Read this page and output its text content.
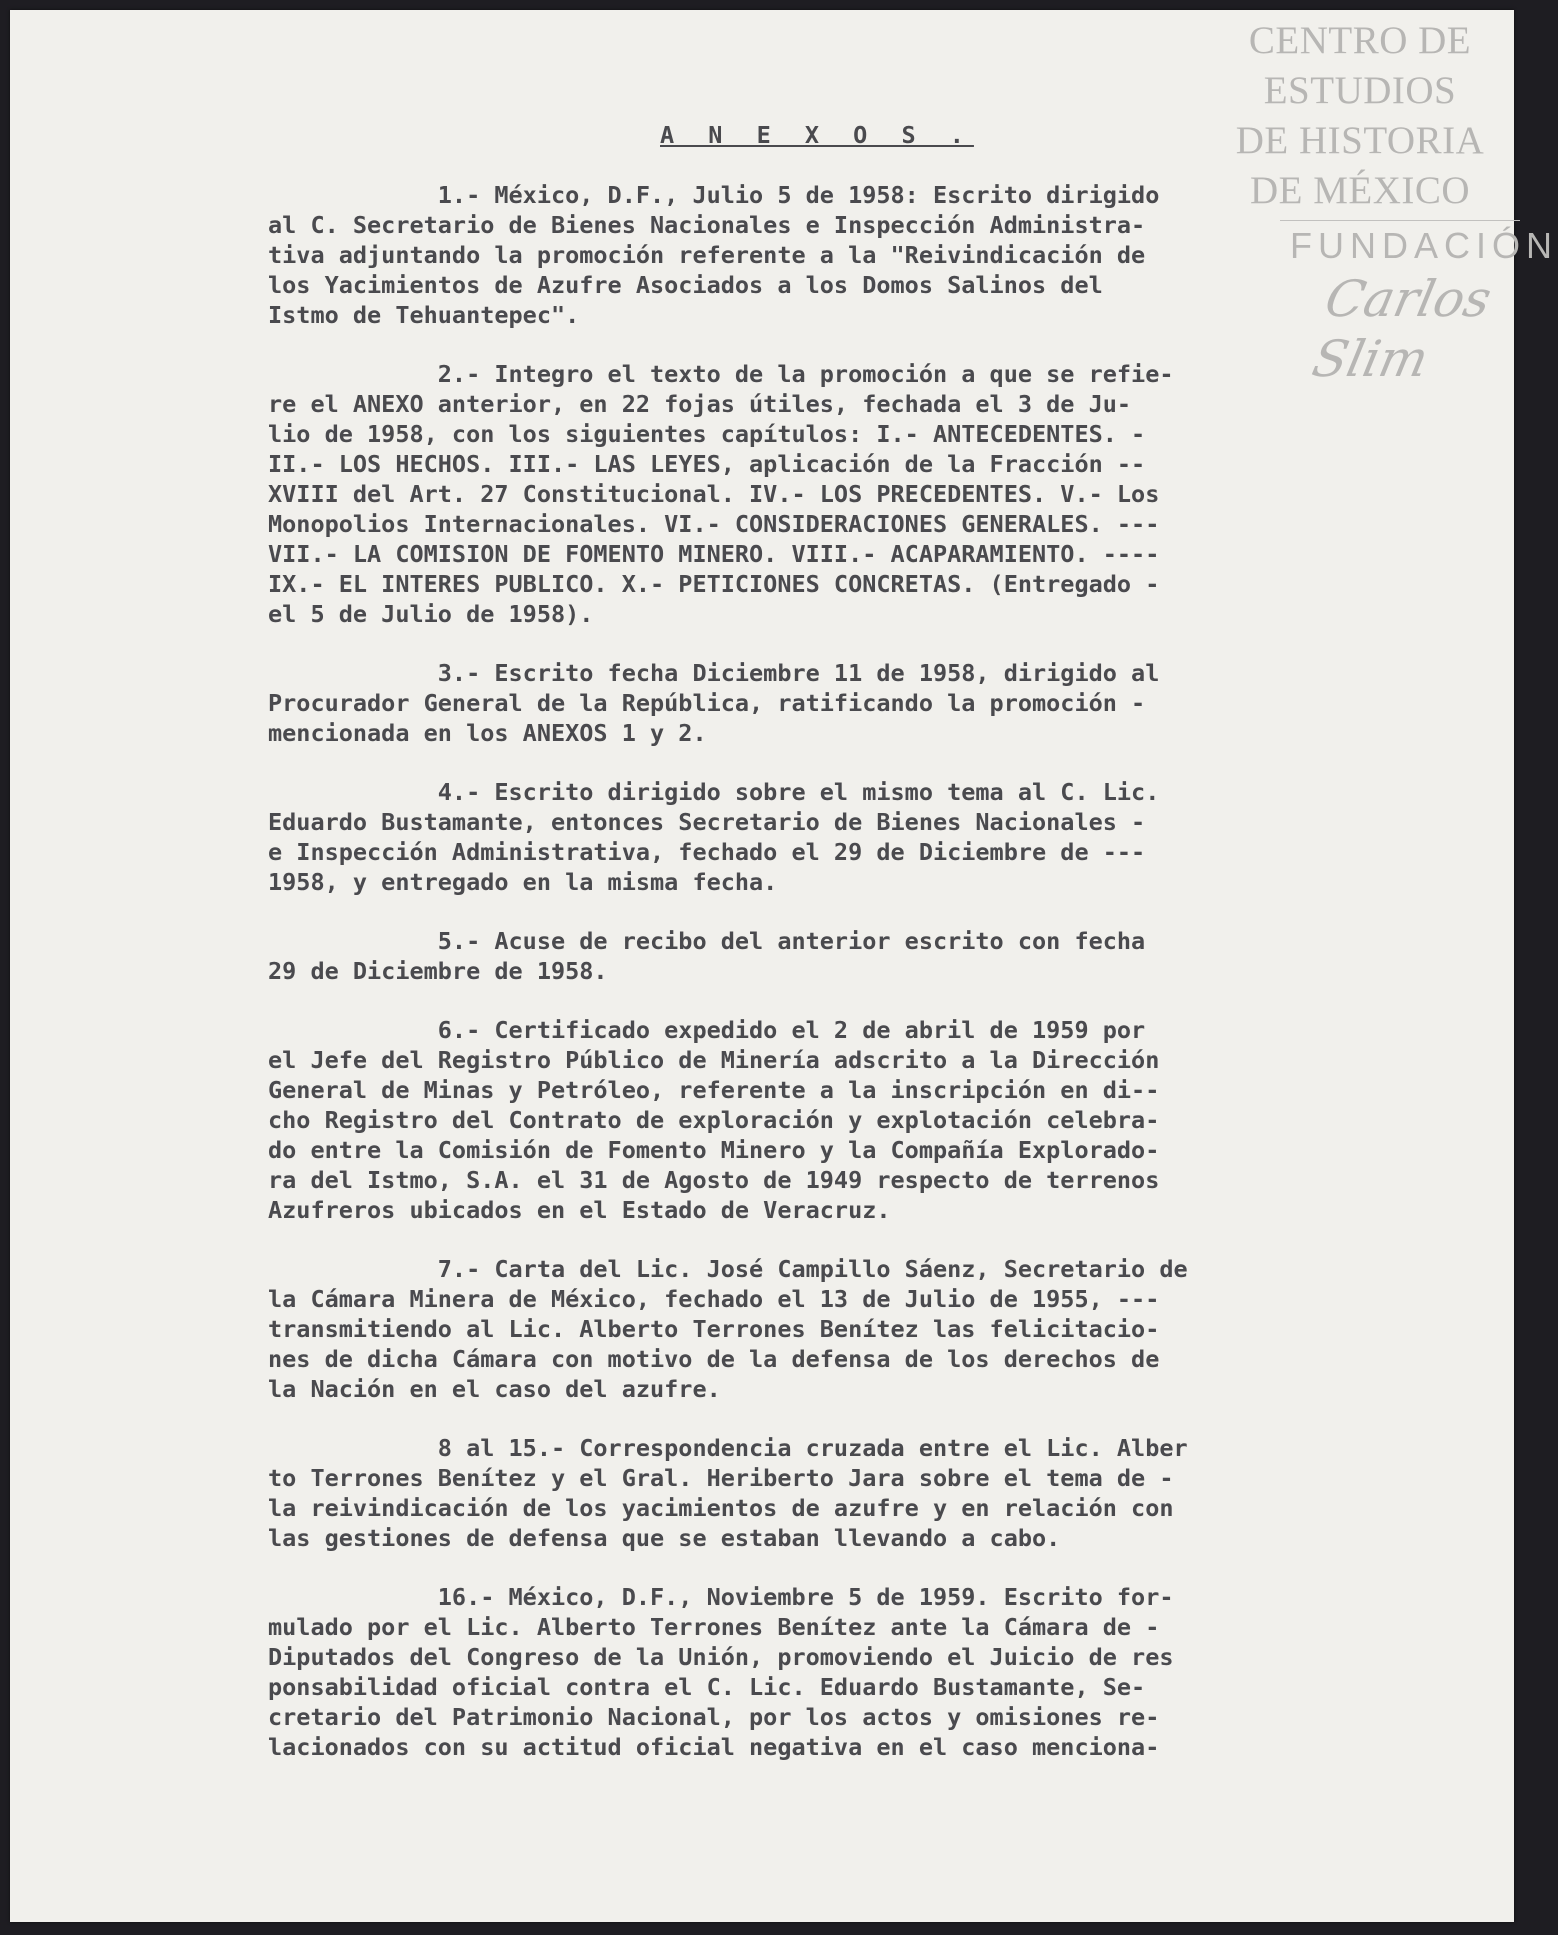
CENTRO DE
ESTUDIOS
DE HISTORIA
DE MÉXICO
FUNDACIÓN
Carlos Slim
A N E X O S .
1.- México, D.F., Julio 5 de 1958: Escrito dirigido
al C. Secretario de Bienes Nacionales e Inspección Administra-
tiva adjuntando la promoción referente a la "Reivindicación de
los Yacimientos de Azufre Asociados a los Domos Salinos del
Istmo de Tehuantepec".
2.- Integro el texto de la promoción a que se refie-
re el ANEXO anterior, en 22 fojas útiles, fechada el 3 de Ju-
lio de 1958, con los siguientes capítulos: I.- ANTECEDENTES. -
II.- LOS HECHOS. III.- LAS LEYES, aplicación de la Fracción --
XVIII del Art. 27 Constitucional. IV.- LOS PRECEDENTES. V.- Los
Monopolios Internacionales. VI.- CONSIDERACIONES GENERALES. ---
VII.- LA COMISION DE FOMENTO MINERO. VIII.- ACAPARAMIENTO. ----
IX.- EL INTERES PUBLICO. X.- PETICIONES CONCRETAS. (Entregado -
el 5 de Julio de 1958).
3.- Escrito fecha Diciembre 11 de 1958, dirigido al
Procurador General de la República, ratificando la promoción -
mencionada en los ANEXOS 1 y 2.
4.- Escrito dirigido sobre el mismo tema al C. Lic.
Eduardo Bustamante, entonces Secretario de Bienes Nacionales -
e Inspección Administrativa, fechado el 29 de Diciembre de ---
1958, y entregado en la misma fecha.
5.- Acuse de recibo del anterior escrito con fecha
29 de Diciembre de 1958.
6.- Certificado expedido el 2 de abril de 1959 por
el Jefe del Registro Público de Minería adscrito a la Dirección
General de Minas y Petróleo, referente a la inscripción en di--
cho Registro del Contrato de exploración y explotación celebra-
do entre la Comisión de Fomento Minero y la Compañía Explorado-
ra del Istmo, S.A. el 31 de Agosto de 1949 respecto de terrenos
Azufreros ubicados en el Estado de Veracruz.
7.- Carta del Lic. José Campillo Sáenz, Secretario de
la Cámara Minera de México, fechado el 13 de Julio de 1955, ---
transmitiendo al Lic. Alberto Terrones Benítez las felicitacio-
nes de dicha Cámara con motivo de la defensa de los derechos de
la Nación en el caso del azufre.
8 al 15.- Correspondencia cruzada entre el Lic. Alber
to Terrones Benítez y el Gral. Heriberto Jara sobre el tema de -
la reivindicación de los yacimientos de azufre y en relación con
las gestiones de defensa que se estaban llevando a cabo.
16.- México, D.F., Noviembre 5 de 1959. Escrito for-
mulado por el Lic. Alberto Terrones Benítez ante la Cámara de -
Diputados del Congreso de la Unión, promoviendo el Juicio de res
ponsabilidad oficial contra el C. Lic. Eduardo Bustamante, Se-
cretario del Patrimonio Nacional, por los actos y omisiones re-
lacionados con su actitud oficial negativa en el caso menciona-
